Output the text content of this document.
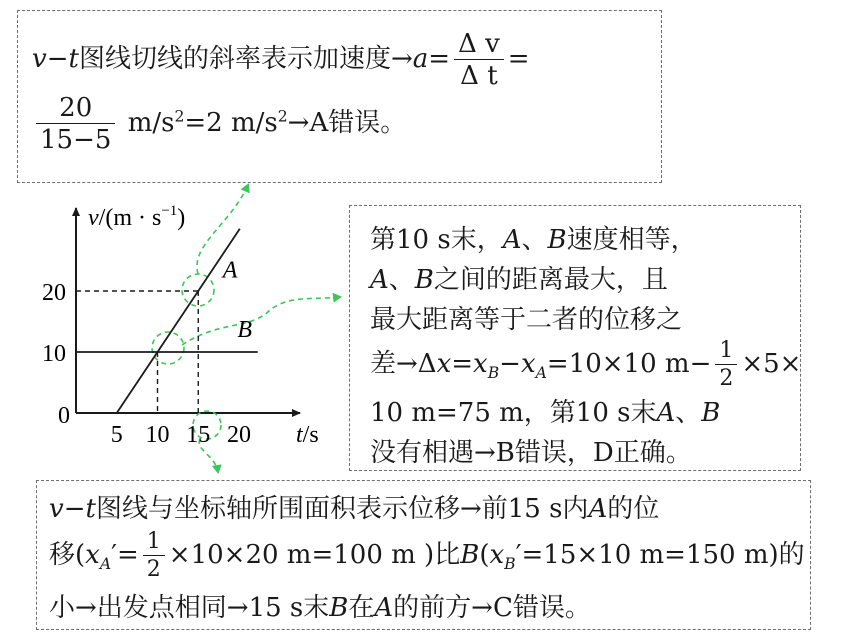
v−t图线切线的斜率表示加速度$\to a= \frac{\text{Δ v}}{\text{Δ t}}$ =
$\frac{20}{15-5} m/s^2=2$ $m/s^2\to A$错误。
第10 s末，A、B速度相等，
A、B之间的距离最大，且
最大距离等于二者的位移之
差$\to\Delta x=x_B-x_A=10\times 10$ $m- \frac{1}{2} \times 5\times$
10 m=75 m，第10 s末A、B
没有相遇→B错误，D正确。
v−t图线与坐标轴所围面积表示位移→前15 s内A的位
移($x_A'= \frac{1}{2} \times 10\times 20$ m=100 m )比$B(x_B'=15\times 10$ m=150 m)的
小→出发点相同→15 s末B在A的前方→C错误。
A
B
20
10
5 10 15 20
$v/(m \cdot s^{-1})$
t/s
0
